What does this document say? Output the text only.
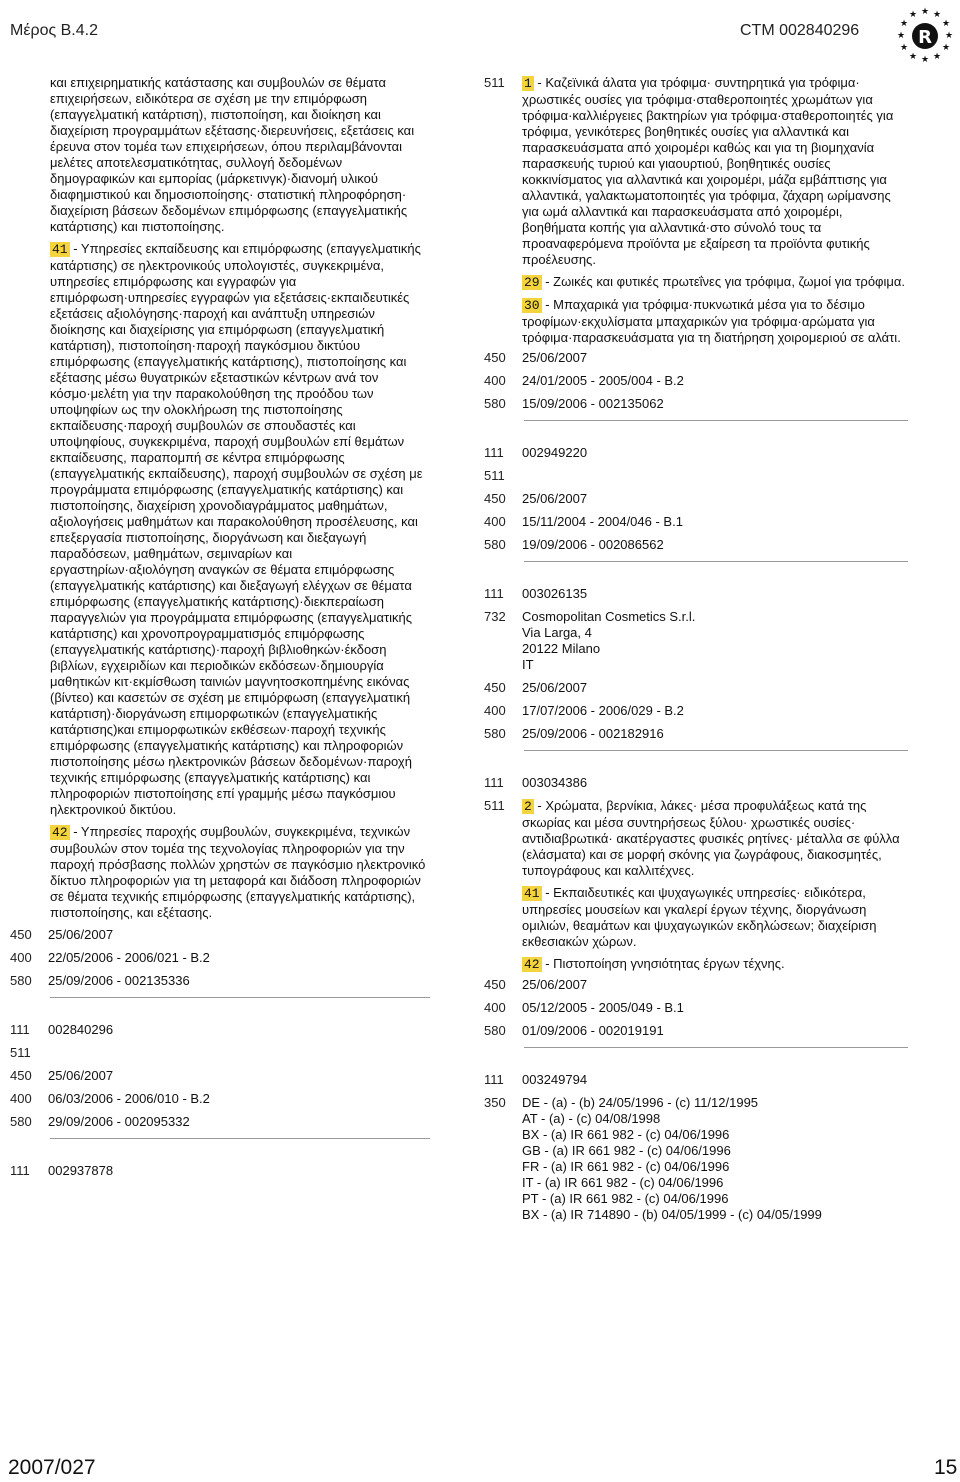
Μέρος Β.4.2	CTM 002840296	R
★ ★
★
★
★
★
★
★
★
★
★
★

και επιχειρηματικής κατάστασης και συμβουλών σε θέματα επιχειρήσεων, ειδικότερα σε σχέση με την επιμόρφωση (επαγγελματική κατάρτιση), πιστοποίηση, και διοίκηση και διαχείριση προγραμμάτων εξέτασης·διερευνήσεις, εξετάσεις και έρευνα στον τομέα των επιχειρήσεων, όπου περιλαμβάνονται μελέτες αποτελεσματικότητας, συλλογή δεδομένων δημογραφικών και εμπορίας (μάρκετινγκ)·διανομή υλικού διαφημιστικού και δημοσιοποίησης· στατιστική πληροφόρηση· διαχείριση βάσεων δεδομένων επιμόρφωσης (επαγγελματικής κατάρτισης) και πιστοποίησης.

41 - Υπηρεσίες εκπαίδευσης και επιμόρφωσης (επαγγελματικής κατάρτισης) σε ηλεκτρονικούς υπολογιστές, συγκεκριμένα, υπηρεσίες επιμόρφωσης και εγγραφών για επιμόρφωση·υπηρεσίες εγγραφών για εξετάσεις·εκπαιδευτικές εξετάσεις αξιολόγησης·παροχή και ανάπτυξη υπηρεσιών διοίκησης και διαχείρισης για επιμόρφωση (επαγγελματική κατάρτιση), πιστοποίηση·παροχή παγκόσμιου δικτύου επιμόρφωσης (επαγγελματικής κατάρτισης), πιστοποίησης και εξέτασης μέσω θυγατρικών εξεταστικών κέντρων ανά τον κόσμο·μελέτη για την παρακολούθηση της προόδου των υποψηφίων ως την ολοκλήρωση της πιστοποίησης εκπαίδευσης·παροχή συμβουλών σε σπουδαστές και υποψηφίους, συγκεκριμένα, παροχή συμβουλών επί θεμάτων εκπαίδευσης, παραπομπή σε κέντρα επιμόρφωσης (επαγγελματικής εκπαίδευσης), παροχή συμβουλών σε σχέση με προγράμματα επιμόρφωσης (επαγγελματικής κατάρτισης) και πιστοποίησης, διαχείριση χρονοδιαγράμματος μαθημάτων, αξιολογήσεις μαθημάτων και παρακολούθηση προσέλευσης, και επεξεργασία πιστοποίησης, διοργάνωση και διεξαγωγή παραδόσεων, μαθημάτων, σεμιναρίων και εργαστηρίων·αξιολόγηση αναγκών σε θέματα επιμόρφωσης (επαγγελματικής κατάρτισης) και διεξαγωγή ελέγχων σε θέματα επιμόρφωσης (επαγγελματικής κατάρτισης)·διεκπεραίωση παραγγελιών για προγράμματα επιμόρφωσης (επαγγελματικής κατάρτισης) και χρονοπρογραμματισμός επιμόρφωσης (επαγγελματικής κατάρτισης)·παροχή βιβλιοθηκών·έκδοση βιβλίων, εγχειριδίων και περιοδικών εκδόσεων·δημιουργία μαθητικών κιτ·εκμίσθωση ταινιών μαγνητοσκοπημένης εικόνας (βίντεο) και κασετών σε σχέση με επιμόρφωση (επαγγελματική κατάρτιση)·διοργάνωση επιμορφωτικών (επαγγελματικής κατάρτισης)και επιμορφωτικών εκθέσεων·παροχή τεχνικής επιμόρφωσης (επαγγελματικής κατάρτισης) και πληροφοριών πιστοποίησης μέσω ηλεκτρονικών βάσεων δεδομένων·παροχή τεχνικής επιμόρφωσης (επαγγελματικής κατάρτισης) και πληροφοριών πιστοποίησης επί γραμμής μέσω παγκόσμιου ηλεκτρονικού δικτύου.

42 - Υπηρεσίες παροχής συμβουλών, συγκεκριμένα, τεχνικών συμβουλών στον τομέα της τεχνολογίας πληροφοριών για την παροχή πρόσβασης πολλών χρηστών σε παγκόσμιο ηλεκτρονικό δίκτυο πληροφοριών για τη μεταφορά και διάδοση πληροφοριών σε θέματα τεχνικής επιμόρφωσης (επαγγελματικής κατάρτισης), πιστοποίησης, και εξέτασης.

450	25/06/2007
400	22/05/2006 - 2006/021 - B.2
580	25/09/2006 - 002135336
111	002840296
511
450	25/06/2007
400	06/03/2006 - 2006/010 - B.2
580	29/09/2006 - 002095332
111	002937878
511	1 - Καζεϊνικά άλατα για τρόφιμα· συντηρητικά για τρόφιμα· χρωστικές ουσίες για τρόφιμα·σταθεροποιητές χρωμάτων για τρόφιμα·καλλιέργειες βακτηρίων για τρόφιμα·σταθεροποιητές για τρόφιμα, γενικότερες βοηθητικές ουσίες για αλλαντικά και παρασκευάσματα από χοιρομέρι καθώς και για τη βιομηχανία παρασκευής τυριού και γιαουρτιού, βοηθητικές ουσίες κοκκινίσματος για αλλαντικά και χοιρομέρι, μάζα εμβάπτισης για αλλαντικά, γαλακτωματοποιητές για τρόφιμα, ζάχαρη ωρίμανσης για ωμά αλλαντικά και παρασκευάσματα από χοιρομέρι, βοηθήματα κοπής για αλλαντικά·στο σύνολό τους τα προαναφερόμενα προϊόντα με εξαίρεση τα προϊόντα φυτικής προέλευσης.
29 - Ζωικές και φυτικές πρωτεΐνες για τρόφιμα, ζωμοί για τρόφιμα.
30 - Μπαχαρικά για τρόφιμα·πυκνωτικά μέσα για το δέσιμο τροφίμων·εκχυλίσματα μπαχαρικών για τρόφιμα·αρώματα για τρόφιμα·παρασκευάσματα για τη διατήρηση χοιρομεριού σε αλάτι.
450	25/06/2007
400	24/01/2005 - 2005/004 - B.2
580	15/09/2006 - 002135062
111	002949220
511
450	25/06/2007
400	15/11/2004 - 2004/046 - B.1
580	19/09/2006 - 002086562
111	003026135
732	Cosmopolitan Cosmetics S.r.l.
Via Larga, 4
20122 Milano
IT
450	25/06/2007
400	17/07/2006 - 2006/029 - B.2
580	25/09/2006 - 002182916
111	003034386
511	2 - Χρώματα, βερνίκια, λάκες· μέσα προφυλάξεως κατά της σκωρίας και μέσα συντηρήσεως ξύλου· χρωστικές ουσίες· αντιδιαβρωτικά· ακατέργαστες φυσικές ρητίνες· μέταλλα σε φύλλα (ελάσματα) και σε μορφή σκόνης για ζωγράφους, διακοσμητές, τυπογράφους και καλλιτέχνες.
41 - Εκπαιδευτικές και ψυχαγωγικές υπηρεσίες· ειδικότερα, υπηρεσίες μουσείων και γκαλερί έργων τέχνης, διοργάνωση ομιλιών, θεαμάτων και ψυχαγωγικών εκδηλώσεων; διαχείριση εκθεσιακών χώρων.
42 - Πιστοποίηση γνησιότητας έργων τέχνης.
450	25/06/2007
400	05/12/2005 - 2005/049 - B.1
580	01/09/2006 - 002019191
111	003249794
350	DE - (a) - (b) 24/05/1996 - (c) 11/12/1995
AT - (a) - (c) 04/08/1998
BX - (a) IR 661 982 - (c) 04/06/1996
GB - (a) IR 661 982 - (c) 04/06/1996
FR - (a) IR 661 982 - (c) 04/06/1996
IT - (a) IR 661 982 - (c) 04/06/1996
PT - (a) IR 661 982 - (c) 04/06/1996
BX - (a) IR 714890 - (b) 04/05/1999 - (c) 04/05/1999
2007/027	15
